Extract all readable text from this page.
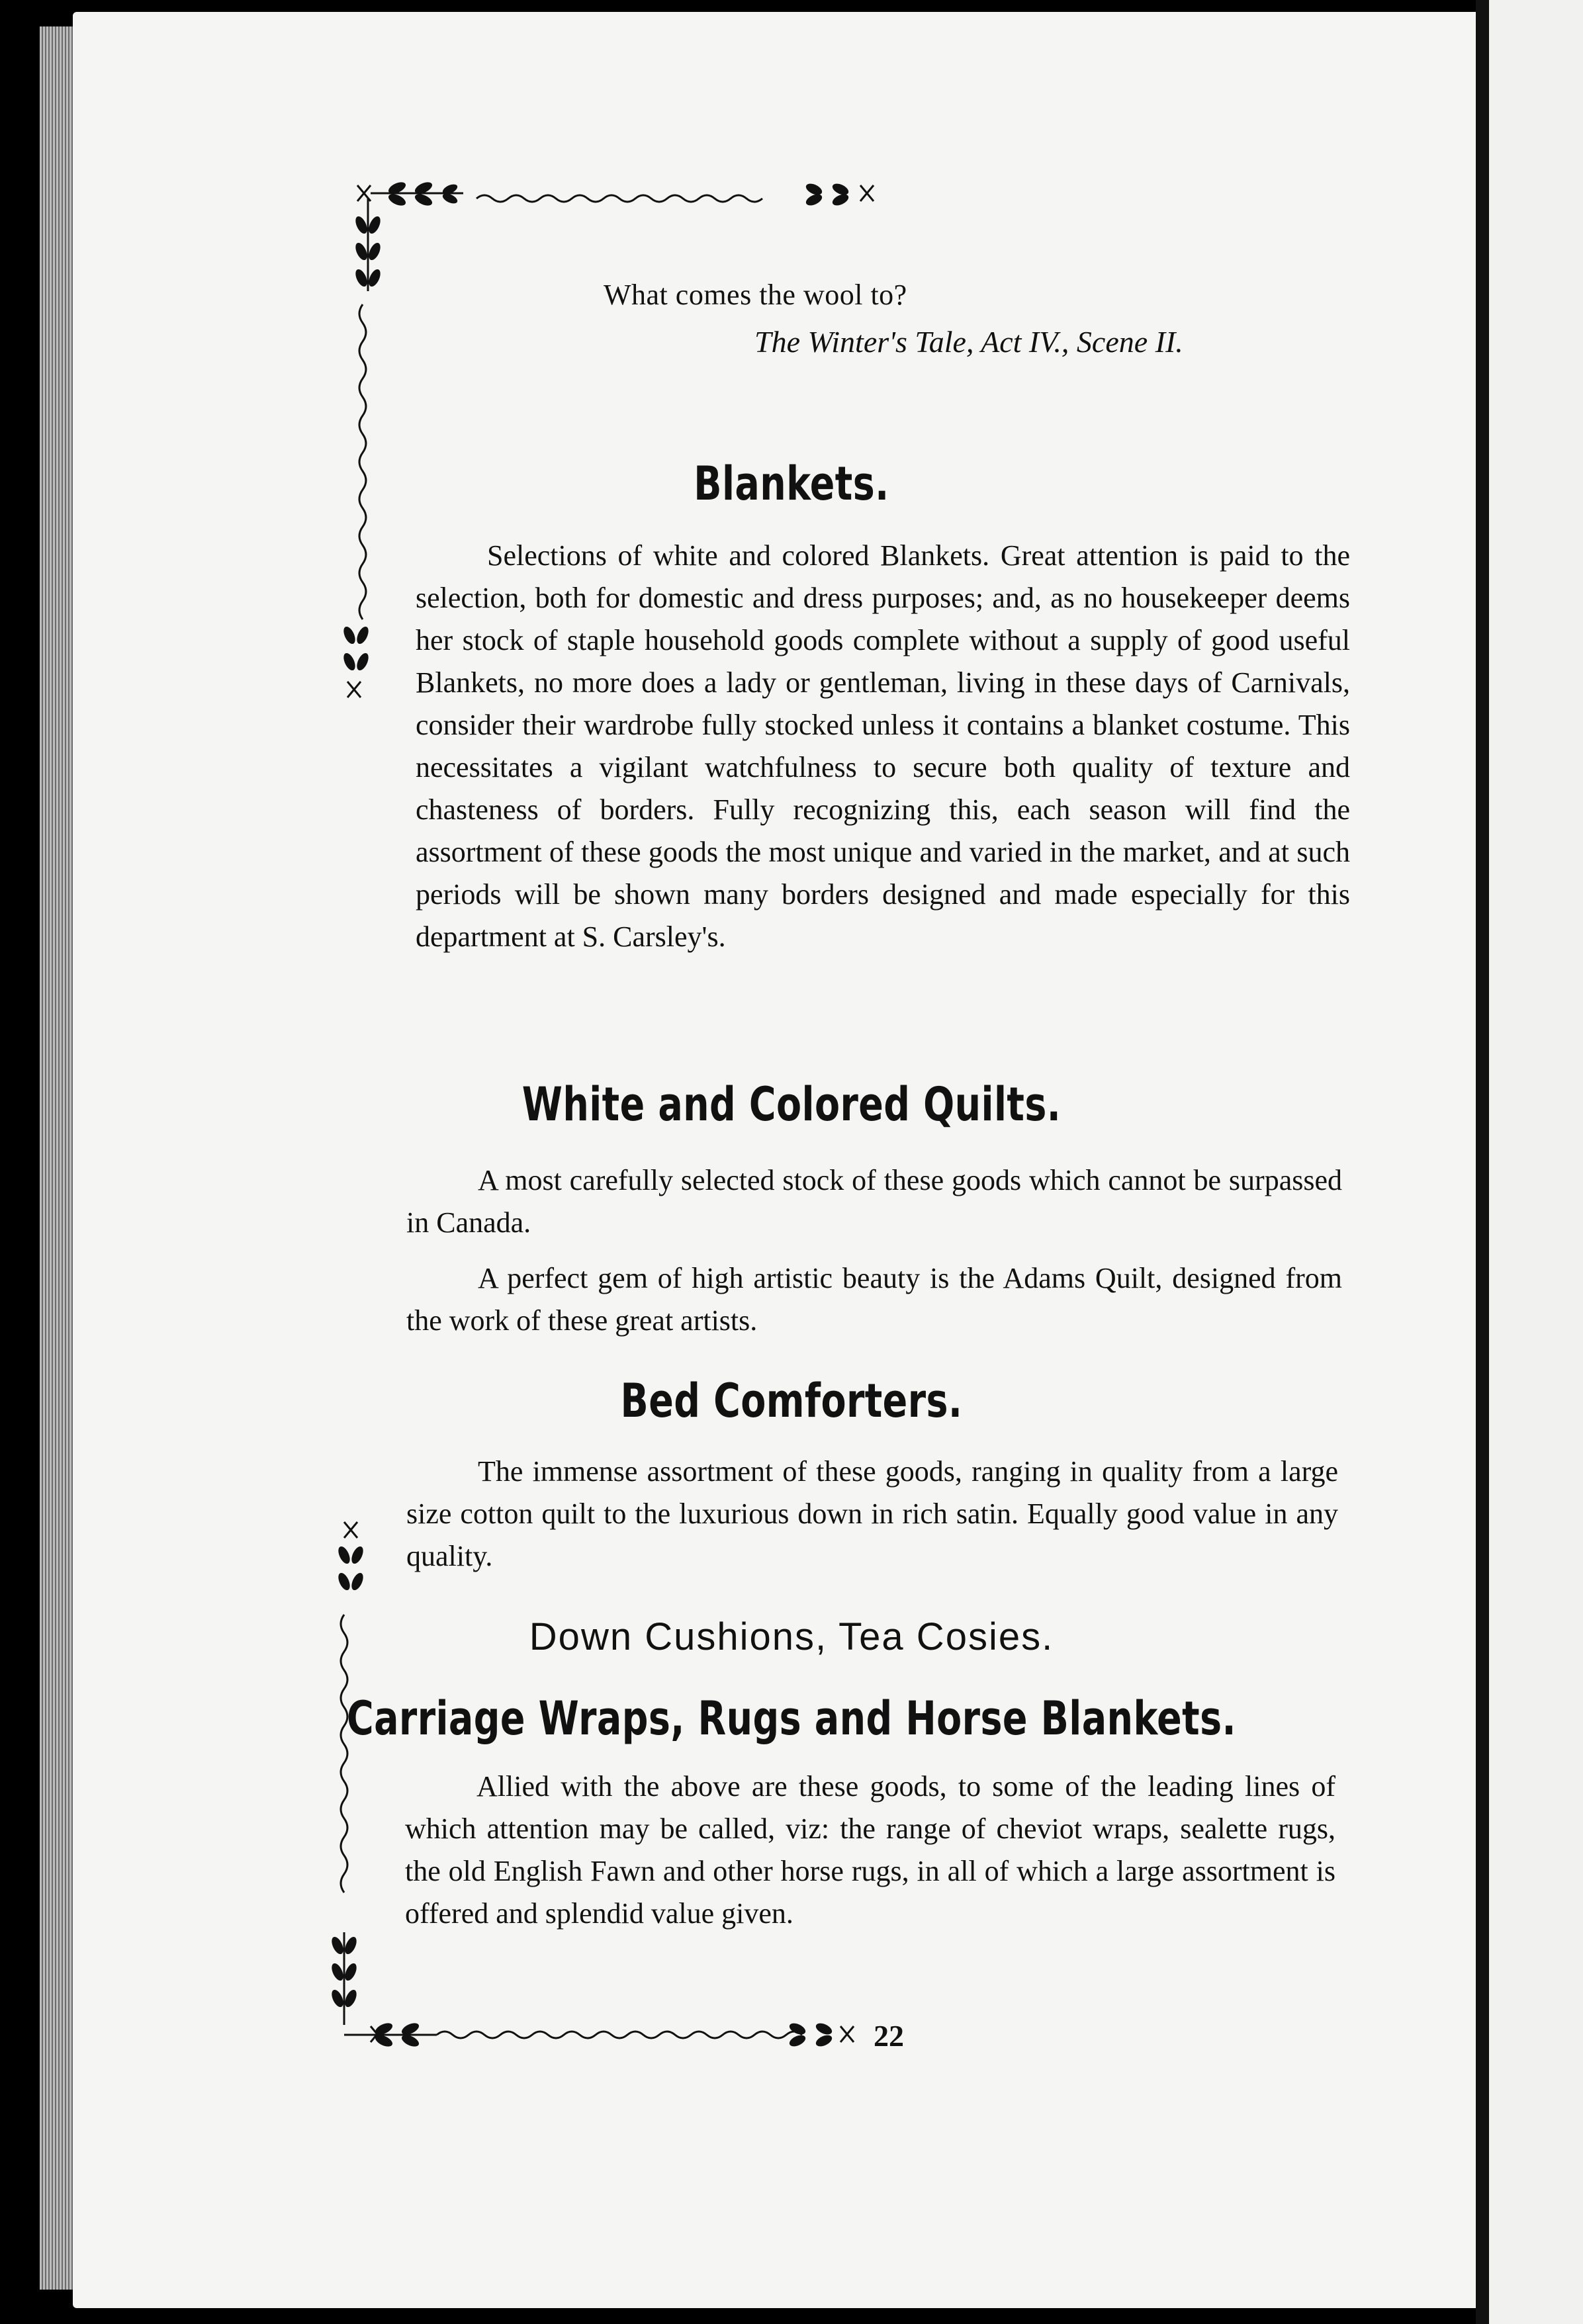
What comes the wool to?
The Winter's Tale, Act IV., Scene II.
Blankets.
Selections of white and colored Blankets. Great attention is paid to the selection, both for domestic and dress purposes; and, as no housekeeper deems her stock of staple household goods complete without a supply of good useful Blankets, no more does a lady or gentleman, living in these days of Carnivals, consider their wardrobe fully stocked unless it contains a blanket costume. This necessitates a vigilant watchfulness to secure both quality of texture and chasteness of borders. Fully recognizing this, each season will find the assortment of these goods the most unique and varied in the market, and at such periods will be shown many borders designed and made especially for this department at S. Carsley's.
White and Colored Quilts.
A most carefully selected stock of these goods which cannot be surpassed in Canada.
A perfect gem of high artistic beauty is the Adams Quilt, designed from the work of these great artists.
Bed Comforters.
The immense assortment of these goods, ranging in quality from a large size cotton quilt to the luxurious down in rich satin. Equally good value in any quality.
Down Cushions, Tea Cosies.
Carriage Wraps, Rugs and Horse Blankets.
Allied with the above are these goods, to some of the leading lines of which attention may be called, viz: the range of cheviot wraps, sealette rugs, the old English Fawn and other horse rugs, in all of which a large assortment is offered and splendid value given.
22
